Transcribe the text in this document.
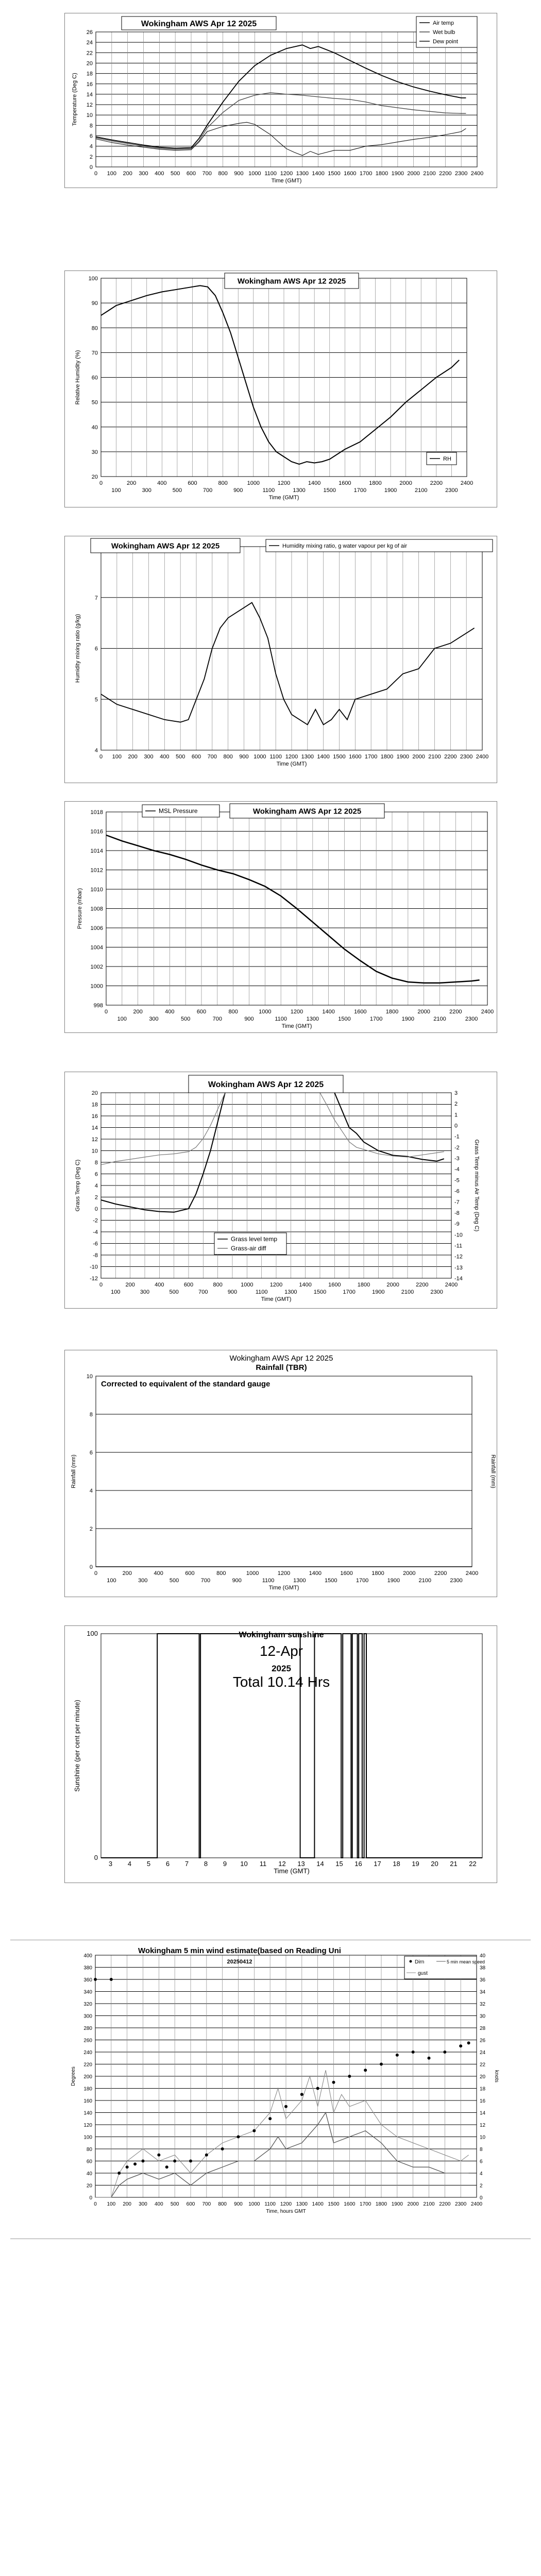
0
2
4
6
8
10
12
14
16
18
20
22
24
26
0 100 200 300 400 500 600 700 800 900 1000 1100 1200 1300 1400 1500 1600 1700 1800 1900 2000 2100 2200 2300 2400
Time (GMT)
Temperature (Deg C)
Wokingham AWS Apr 12 2025	Air temp
Wet bulb
Dew point
20
30
40
50
60
70
80
90
100
0	200	400	600	800	1000	1200	1400	1600	1800	2000	2200	2400
100	300	500	700	900	1100	1300	1500	1700	1900	2100	2300
Time (GMT)
Relative Humidity (%)
Wokingham AWS Apr 12 2025
RH
4
5
6
7
0 100 200 300 400 500 600 700 800 900 1000 1100 1200 1300 1400 1500 1600 1700 1800 1900 2000 2100 2200 2300 2400
Time (GMT)
Humidity mixing ratio (g/kg)
Wokingham AWS Apr 12 2025	Humidity mixing ratio, g water vapour per kg of air
998
1000
1002
1004
1006
1008
1010
1012
1014
1016
1018
0	200	400	600	800	1000	1200	1400	1600	1800	2000	2200	2400
100	300	500	700	900	1100	1300	1500	1700	1900	2100	2300
Time (GMT)
Pressure (mbar)
MSL Pressure	Wokingham AWS Apr 12 2025
-12
-10
-8
-6
-4
-2
0
2
4
6
8
10
12
14
16
18
20
-14
-13
-12
-11
-10
-9
-8
-7
-6
-5
-4
-3
-2
-1
0
1
2
3
0	200	400	600	800	1000	1200	1400	1600	1800	2000	2200	2400
100	300	500	700	900	1100	1300	1500	1700	1900	2100	2300
Time (GMT)
Grass Temp (Deg C)	Grass Temp minus Air Temp (Deg C)
Wokingham AWS Apr 12 2025
Grass level temp
Grass-air diff
0
2
4
6
8
10
0	200	400	600	800	1000	1200	1400	1600	1800	2000	2200	2400
100	300	500	700	900	1100	1300	1500	1700	1900	2100	2300
Time (GMT)
Rainfall (mm)	Rainfall (mm)
Wokingham AWS Apr 12 2025
Rainfall (TBR)
Corrected to equivalent of the standard gauge
0
100
3 4 5 6 7 8 9 10 11 12 13 14 15 16 17 18 19 20 21 22
Time (GMT)
Sunshine (per cent per minute)
Wokingham sunshine
12-Apr
2025
Total 10.14 Hrs
0
20
40
60
80
100
120
140
160
180
200
220
240
260
280
300
320
340
360
380
400
0
2
4
6
8
10
12
14
16
18
20
22
24
26
28
30
32
34
36
38
40
0 100 200 300 400 500 600 700 800 900 1000 1100 1200 1300 1400 1500 1600 1700 1800 1900 2000 2100 2200 2300 2400
Time, hours GMT
Degrees	knots
Wokingham 5 min wind estimate(based on Reading Uni
20250412	Dirn	5 min mean speed
gust
